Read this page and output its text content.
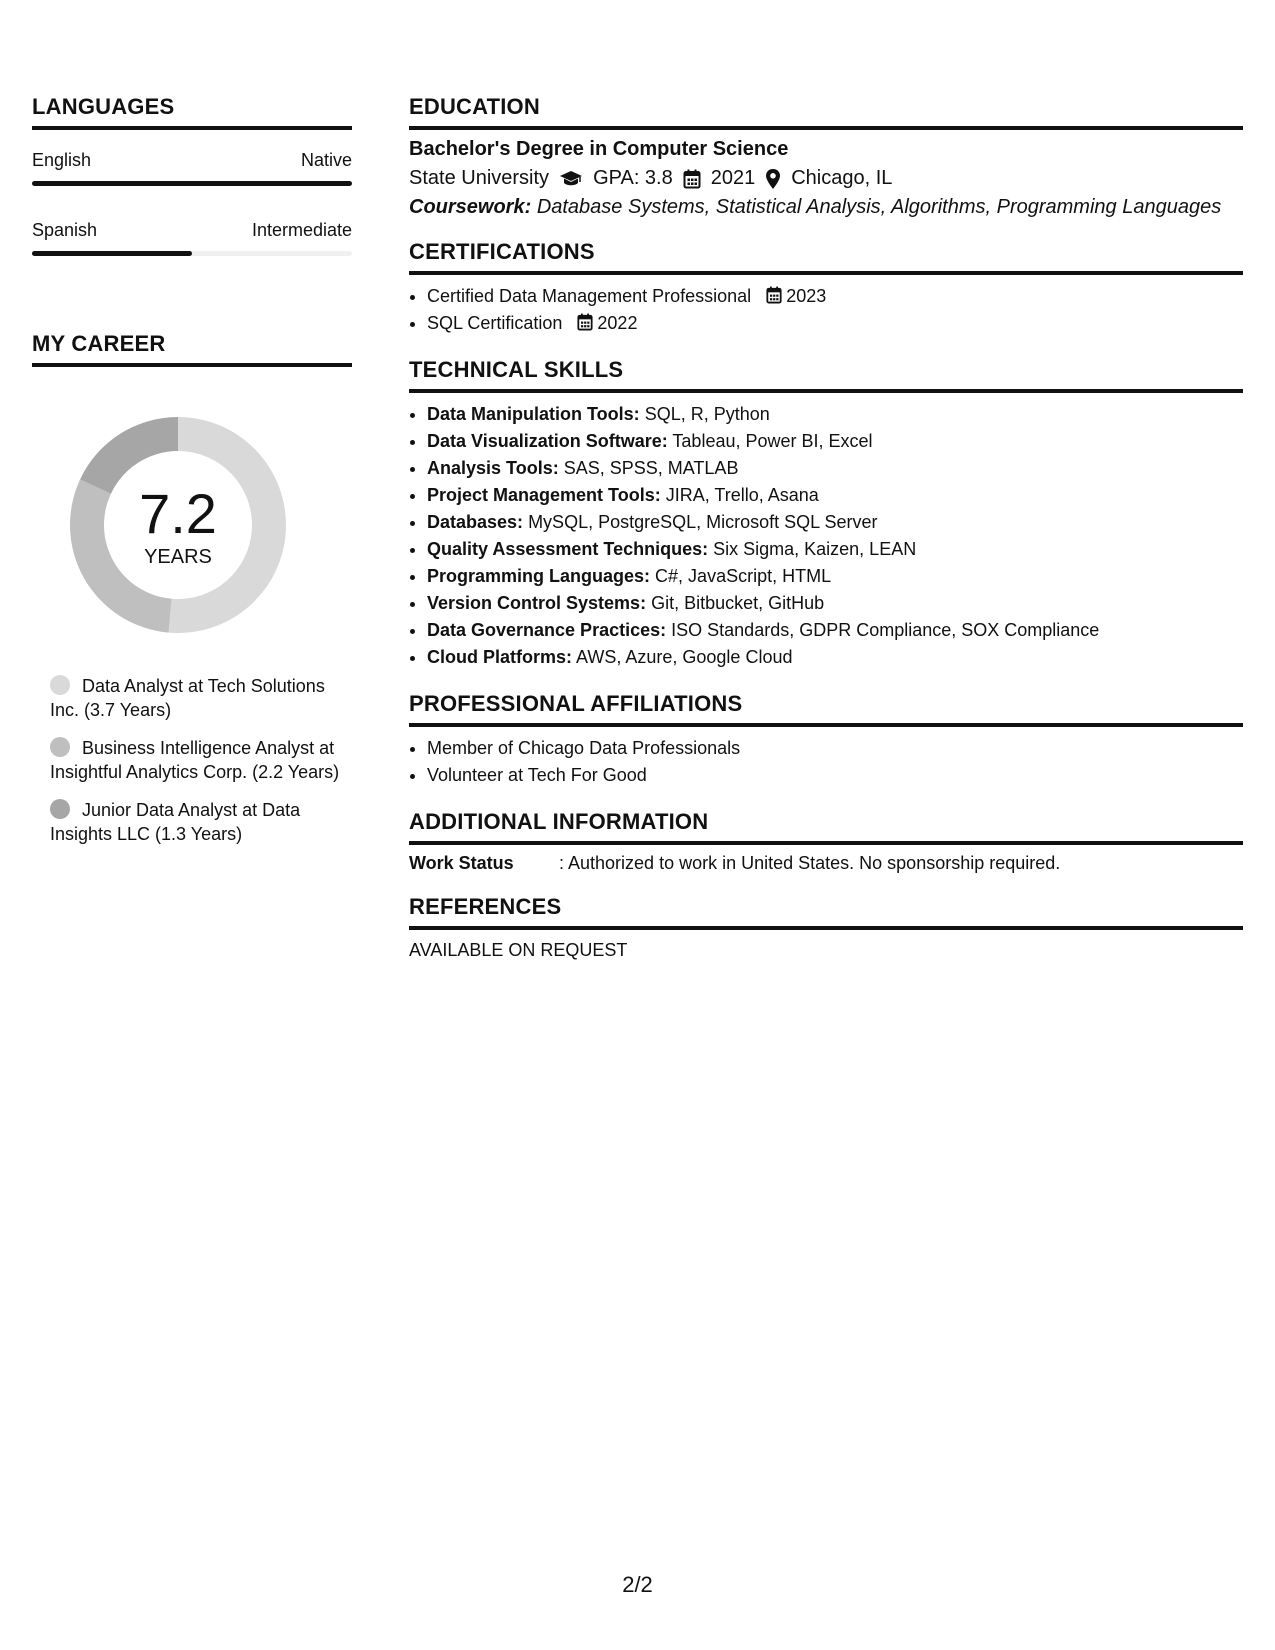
LANGUAGES
English	Native
Spanish	Intermediate
MY CAREER
7.2
YEARS
Data Analyst at Tech Solutions Inc. (3.7 Years)
Business Intelligence Analyst at Insightful Analytics Corp. (2.2 Years)
Junior Data Analyst at Data Insights LLC (1.3 Years)
EDUCATION
Bachelor's Degree in Computer Science
State University GPA: 3.8 2021 Chicago, IL
Coursework: Database Systems, Statistical Analysis, Algorithms, Programming Languages
CERTIFICATIONS
• Certified Data Management Professional 2023
• SQL Certification 2022
TECHNICAL SKILLS
• Data Manipulation Tools: SQL, R, Python
• Data Visualization Software: Tableau, Power BI, Excel
• Analysis Tools: SAS, SPSS, MATLAB
• Project Management Tools: JIRA, Trello, Asana
• Databases: MySQL, PostgreSQL, Microsoft SQL Server
• Quality Assessment Techniques: Six Sigma, Kaizen, LEAN
• Programming Languages: C#, JavaScript, HTML
• Version Control Systems: Git, Bitbucket, GitHub
• Data Governance Practices: ISO Standards, GDPR Compliance, SOX Compliance
• Cloud Platforms: AWS, Azure, Google Cloud
PROFESSIONAL AFFILIATIONS
• Member of Chicago Data Professionals
• Volunteer at Tech For Good
ADDITIONAL INFORMATION
Work Status	: Authorized to work in United States. No sponsorship required.
REFERENCES
AVAILABLE ON REQUEST
2/2
